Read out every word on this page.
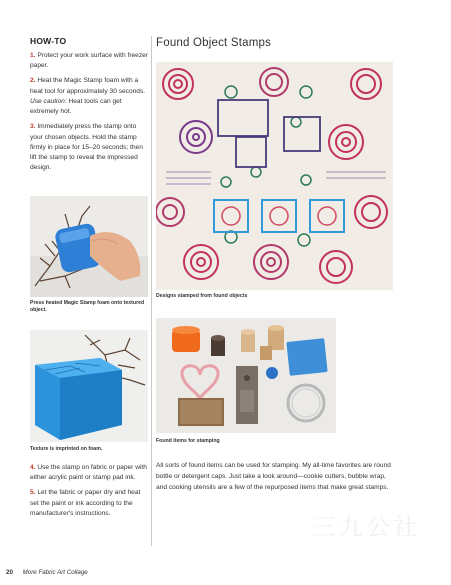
HOW-TO

1. Protect your work surface with freezer paper.

2. Heat the Magic Stamp foam with a heat tool for approximately 30 seconds. Use caution: Heat tools can get extremely hot.

3. Immediately press the stamp onto your chosen objects. Hold the stamp firmly in place for 15–20 seconds; then lift the stamp to reveal the impressed design.

Press heated Magic Stamp foam onto textured object.
Texture is imprinted on foam.

4. Use the stamp on fabric or paper with either acrylic paint or stamp pad ink.

5. Let the fabric or paper dry and heat set the paint or ink according to the manufacturer's instructions.

Found Object Stamps
Designs stamped from found objects
Found items for stamping

All sorts of found items can be used for stamping. My all-time favorites are round bottle or detergent caps. Just take a look around—cookie cutters, bubble wrap, and cooking utensils are a few of the repurposed items that make great stamps.

三九公社
20 More Fabric Art Collage
